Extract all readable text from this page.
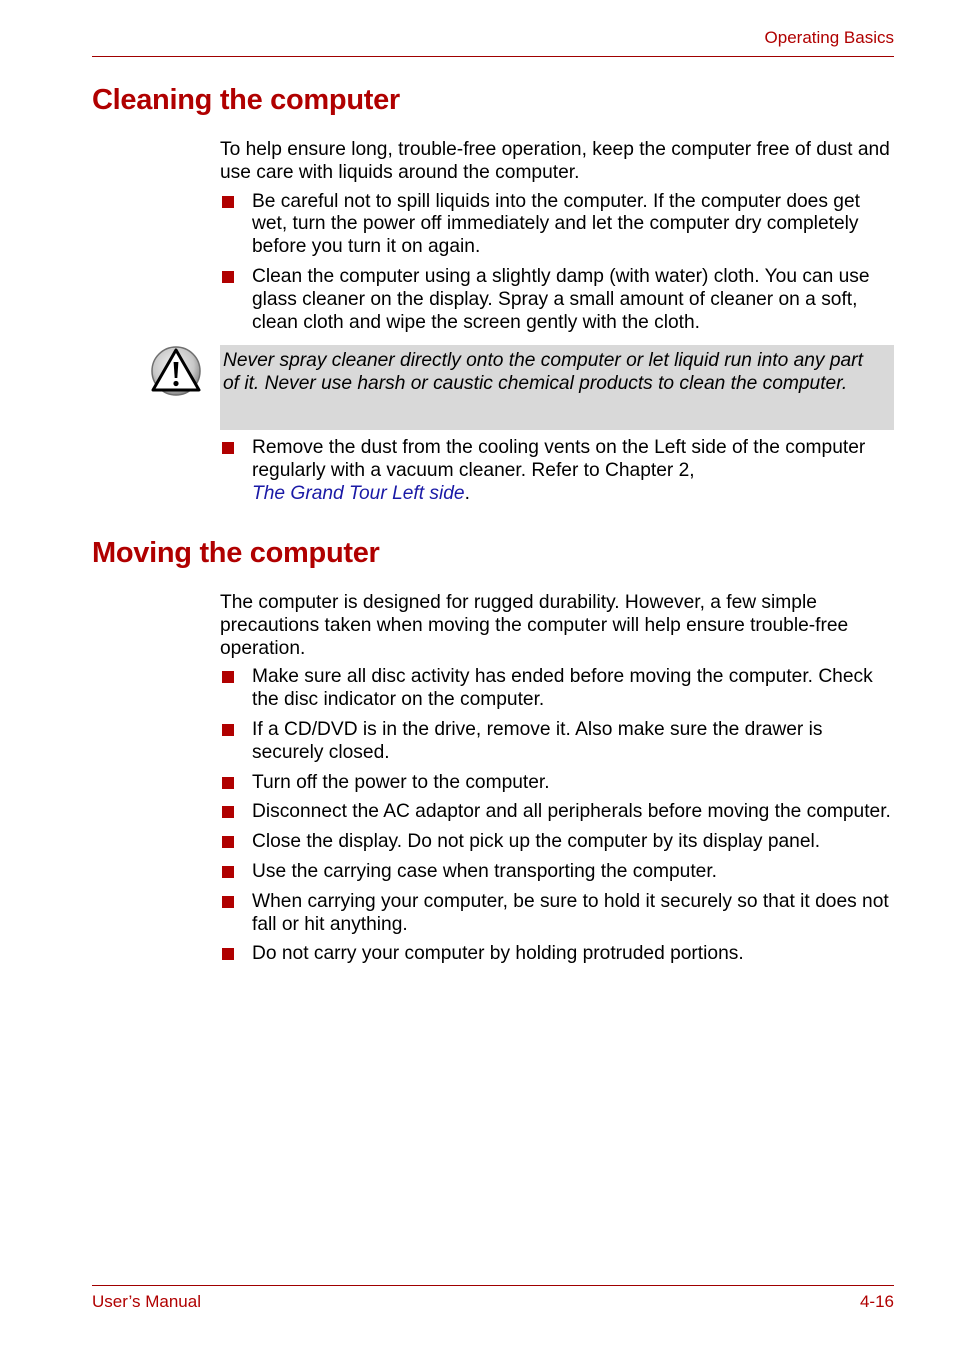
Operating Basics
Cleaning the computer

To help ensure long, trouble-free operation, keep the computer free of dust and use care with liquids around the computer.

Be careful not to spill liquids into the computer. If the computer does get wet, turn the power off immediately and let the computer dry completely before you turn it on again.
Clean the computer using a slightly damp (with water) cloth. You can use glass cleaner on the display. Spray a small amount of cleaner on a soft, clean cloth and wipe the screen gently with the cloth.
Never spray cleaner directly onto the computer or let liquid run into any part of it. Never use harsh or caustic chemical products to clean the computer.
Remove the dust from the cooling vents on the Left side of the computer regularly with a vacuum cleaner. Refer to Chapter 2,
The Grand Tour Left side.
Moving the computer

The computer is designed for rugged durability. However, a few simple precautions taken when moving the computer will help ensure trouble-free operation.

Make sure all disc activity has ended before moving the computer. Check the disc indicator on the computer.
If a CD/DVD is in the drive, remove it. Also make sure the drawer is securely closed.
Turn off the power to the computer.
Disconnect the AC adaptor and all peripherals before moving the computer.
Close the display. Do not pick up the computer by its display panel.
Use the carrying case when transporting the computer.
When carrying your computer, be sure to hold it securely so that it does not fall or hit anything.
Do not carry your computer by holding protruded portions.
User’s Manual	4-16
